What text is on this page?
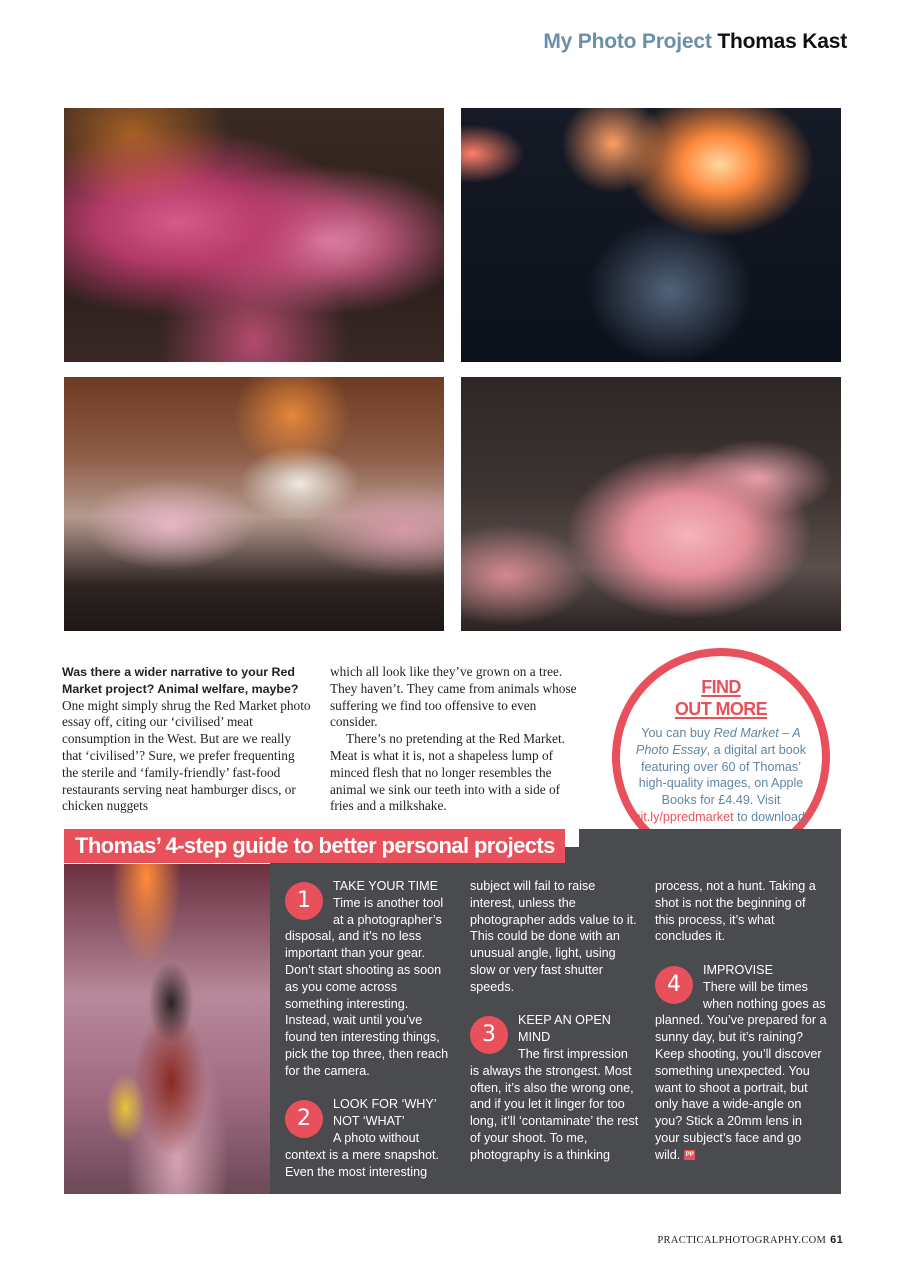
My Photo Project Thomas Kast

Was there a wider narrative to your Red Market project? Animal welfare, maybe? One might simply shrug the Red Market photo essay off, citing our ‘civilised’ meat consumption in the West. But are we really that ‘civilised’? Sure, we prefer frequenting the sterile and ‘family-friendly’ fast-food restaurants serving neat hamburger discs, or chicken nuggets

which all look like they’ve grown on a tree. They haven’t. They came from animals whose suffering we find too offensive to even consider.

There’s no pretending at the Red Market. Meat is what it is, not a shapeless lump of minced flesh that no longer resembles the animal we sink our teeth into with a side of fries and a milkshake.

FIND
OUT MORE
You can buy Red Market – A Photo Essay, a digital art book featuring over 60 of Thomas’ high-quality images, on Apple Books for £4.49. Visit bit.ly/ppredmarket to download.
Thomas’ 4-step guide to better personal projects
1

TAKE YOUR TIME
Time is another tool at a photographer’s disposal, and it’s no less important than your gear. Don’t start shooting as soon as you come across something interesting. Instead, wait until you’ve found ten interesting things, pick the top three, then reach for the camera.

2

LOOK FOR ‘WHY’ NOT ‘WHAT’
A photo without context is a mere snapshot. Even the most interesting

subject will fail to raise interest, unless the photographer adds value to it. This could be done with an unusual angle, light, using slow or very fast shutter speeds.

3

KEEP AN OPEN MIND
The first impression is always the strongest. Most often, it’s also the wrong one, and if you let it linger for too long, it’ll ‘contaminate’ the rest of your shoot. To me, photography is a thinking

process, not a hunt. Taking a shot is not the beginning of this process, it’s what concludes it.

4

IMPROVISE
There will be times when nothing goes as planned. You’ve prepared for a sunny day, but it’s raining? Keep shooting, you’ll discover something unexpected. You want to shoot a portrait, but only have a wide-angle on you? Stick a 20mm lens in your subject’s face and go wild. PP

PRACTICALPHOTOGRAPHY.COM 61
